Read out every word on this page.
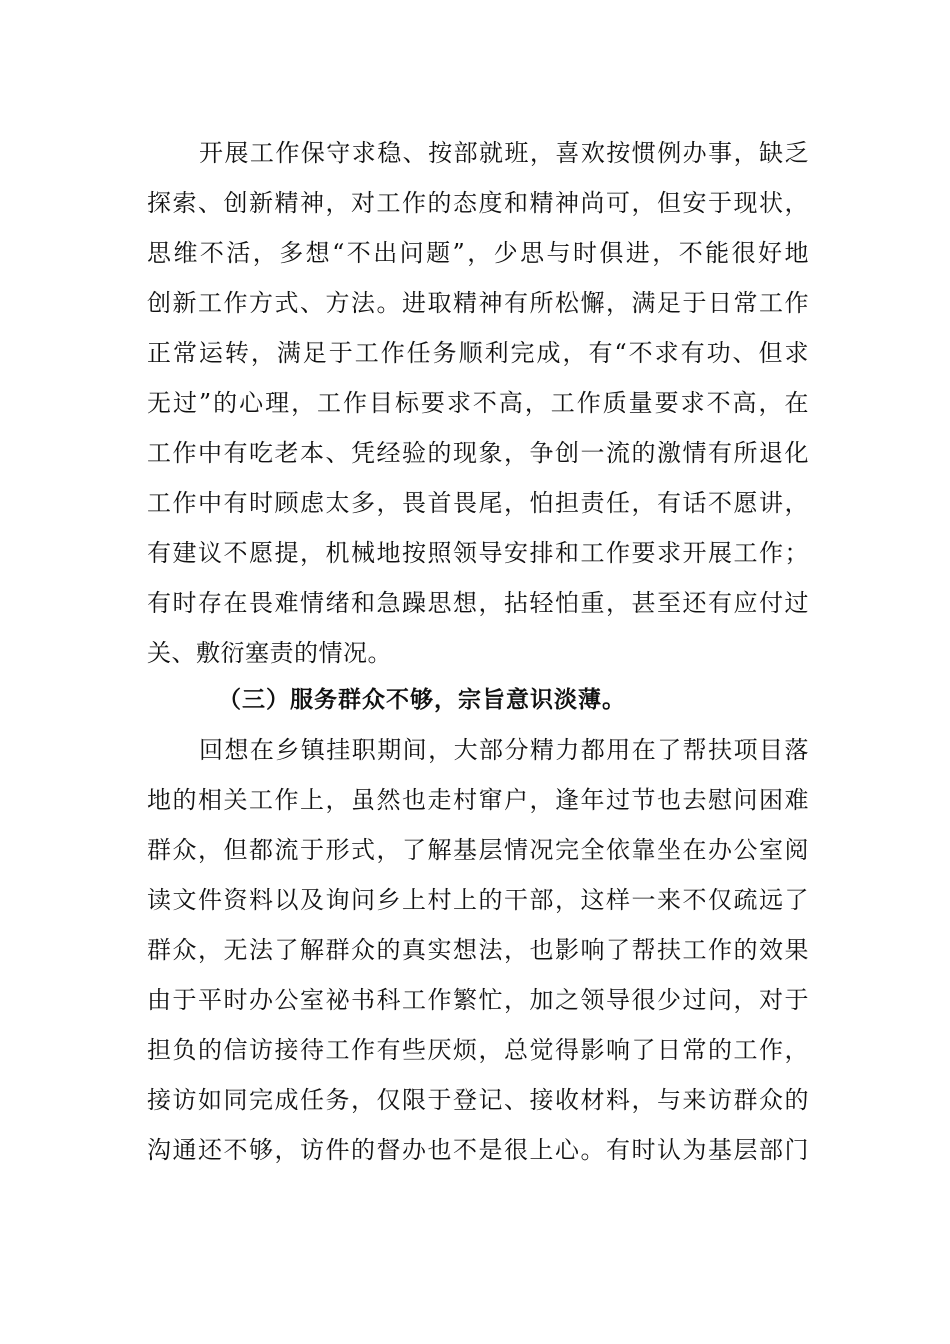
开展工作保守求稳、按部就班，喜欢按惯例办事，缺乏
探索、创新精神，对工作的态度和精神尚可，但安于现状，
思维不活，多想“不出问题”，少思与时俱进，不能很好地
创新工作方式、方法。进取精神有所松懈，满足于日常工作
正常运转，满足于工作任务顺利完成，有“不求有功、但求
无过”的心理，工作目标要求不高，工作质量要求不高，在
工作中有吃老本、凭经验的现象，争创一流的激情有所退化
工作中有时顾虑太多，畏首畏尾，怕担责任，有话不愿讲，
有建议不愿提，机械地按照领导安排和工作要求开展工作；
有时存在畏难情绪和急躁思想，拈轻怕重，甚至还有应付过
关、敷衍塞责的情况。
（三）服务群众不够，宗旨意识淡薄。
回想在乡镇挂职期间，大部分精力都用在了帮扶项目落
地的相关工作上，虽然也走村窜户，逢年过节也去慰问困难
群众，但都流于形式，了解基层情况完全依靠坐在办公室阅
读文件资料以及询问乡上村上的干部，这样一来不仅疏远了
群众，无法了解群众的真实想法，也影响了帮扶工作的效果
由于平时办公室祕书科工作繁忙，加之领导很少过问，对于
担负的信访接待工作有些厌烦，总觉得影响了日常的工作，
接访如同完成任务，仅限于登记、接收材料，与来访群众的
沟通还不够，访件的督办也不是很上心。有时认为基层部门
